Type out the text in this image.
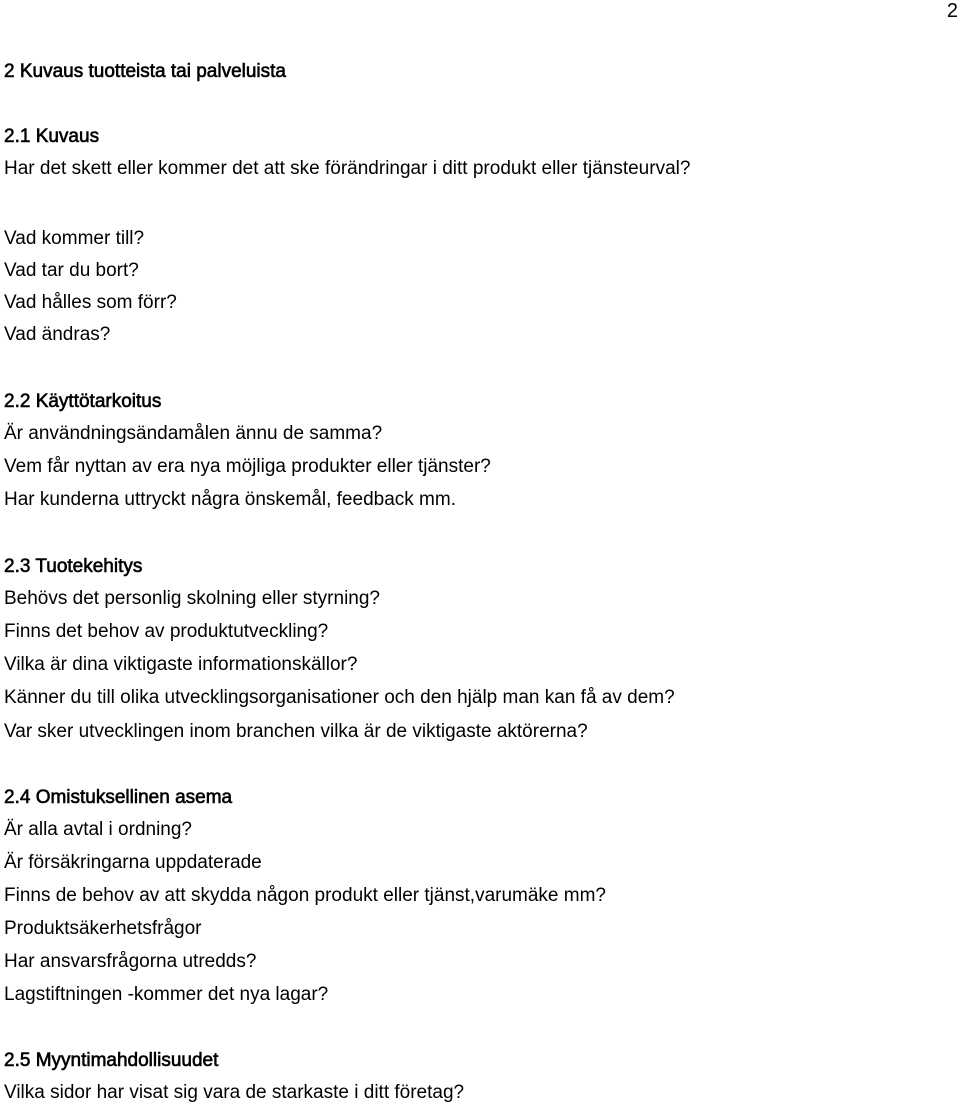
2
2 Kuvaus tuotteista tai palveluista
2.1 Kuvaus
Har det skett eller kommer det att ske förändringar i ditt produkt eller tjänsteurval?
Vad kommer till?
Vad tar du bort?
Vad hålles som förr?
Vad ändras?
2.2 Käyttötarkoitus
Är användningsändamålen ännu de samma?
Vem får nyttan av era nya möjliga produkter eller tjänster?
Har kunderna uttryckt några önskemål, feedback mm.
2.3 Tuotekehitys
Behövs det personlig skolning eller styrning?
Finns det behov av produktutveckling?
Vilka är dina viktigaste informationskällor?
Känner du till olika utvecklingsorganisationer och den hjälp man kan få av dem?
Var sker utvecklingen inom branchen vilka är de viktigaste aktörerna?
2.4 Omistuksellinen asema
Är alla avtal i ordning?
Är försäkringarna uppdaterade
Finns de behov av att skydda någon produkt eller tjänst,varumäke mm?
Produktsäkerhetsfrågor
Har ansvarsfrågorna utredds?
Lagstiftningen -kommer det nya lagar?
2.5 Myyntimahdollisuudet
Vilka sidor har visat sig vara de starkaste i ditt företag?
